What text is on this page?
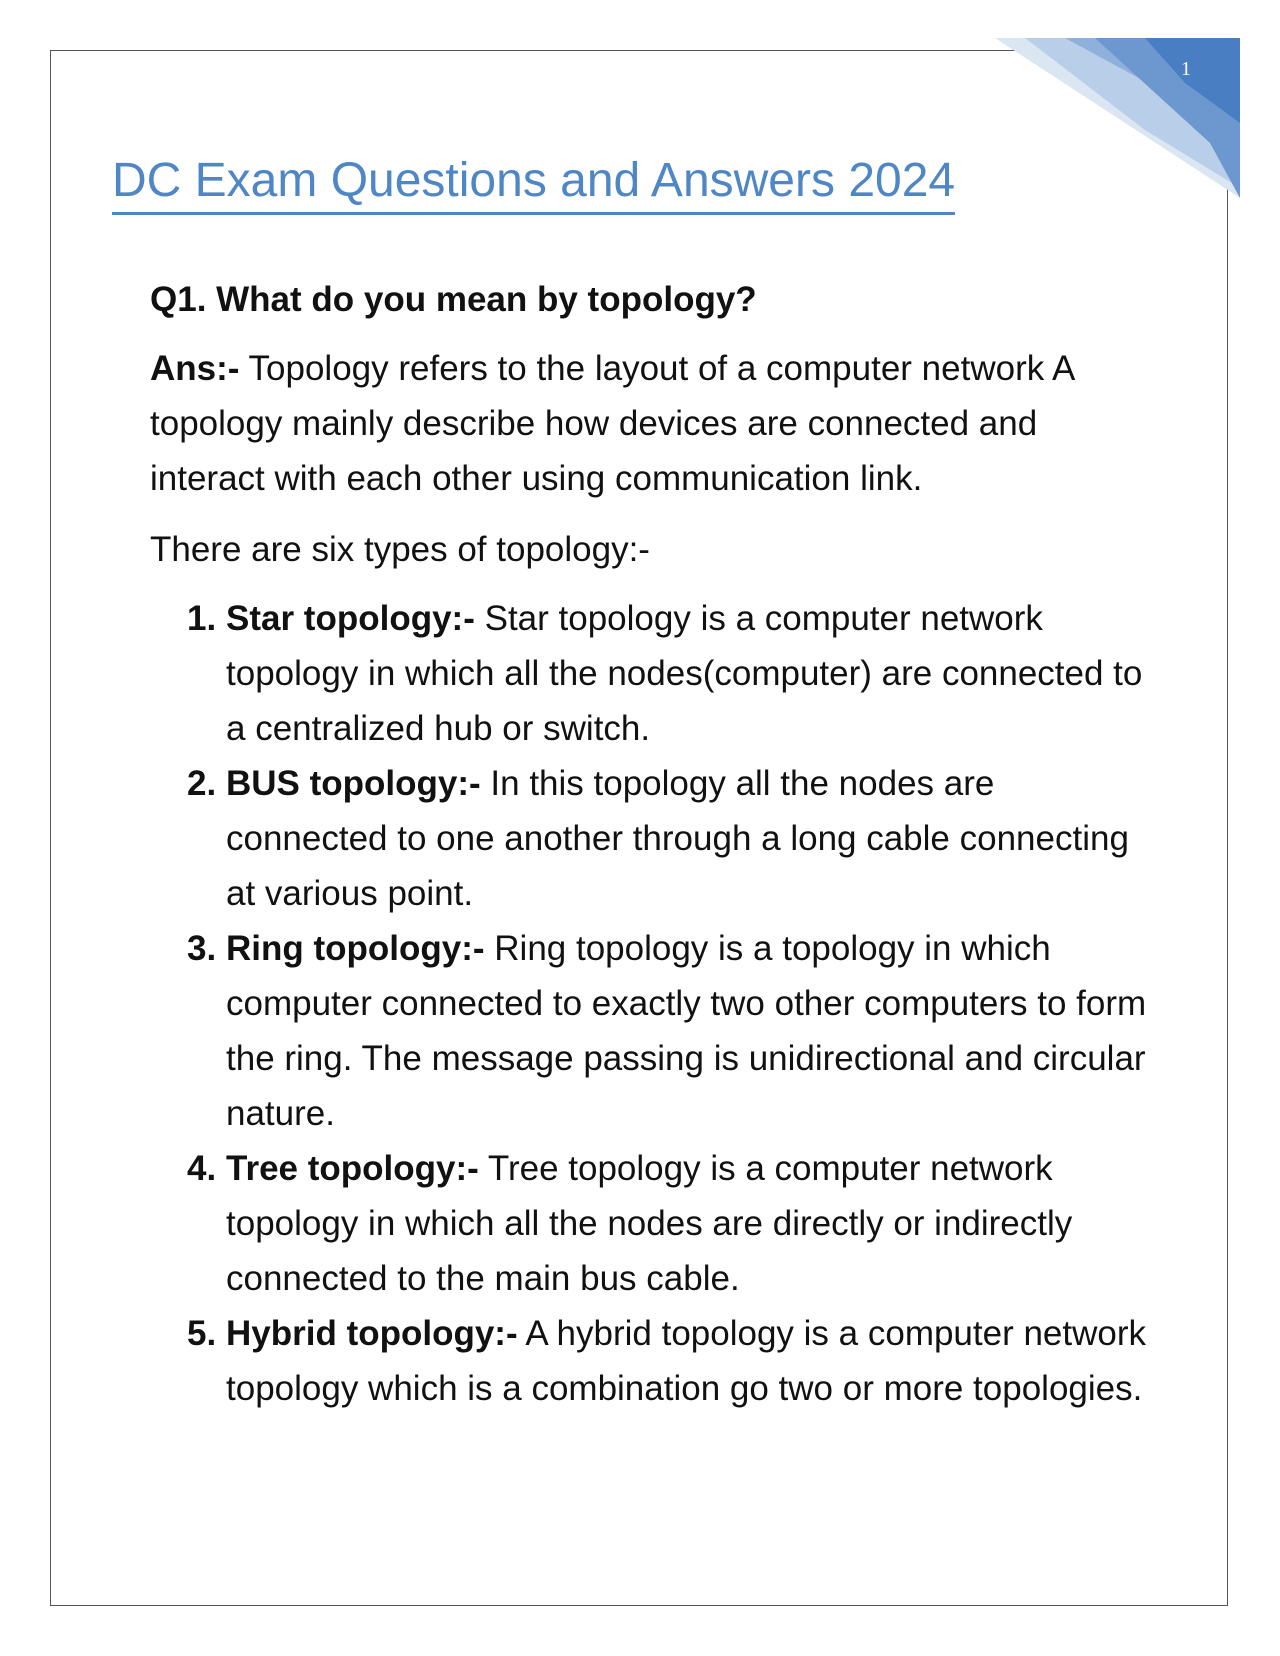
1
DC Exam Questions and Answers 2024

Q1. What do you mean by topology?

Ans:- Topology refers to the layout of a computer network A topology mainly describe how devices are connected and interact with each other using communication link.

There are six types of topology:-

1. Star topology:- Star topology is a computer network topology in which all the nodes(computer) are connected to a centralized hub or switch.
2. BUS topology:- In this topology all the nodes are connected to one another through a long cable connecting at various point.
3. Ring topology:- Ring topology is a topology in which computer connected to exactly two other computers to form the ring. The message passing is unidirectional and circular nature.
4. Tree topology:- Tree topology is a computer network topology in which all the nodes are directly or indirectly connected to the main bus cable.
5. Hybrid topology:- A hybrid topology is a computer network topology which is a combination go two or more topologies.
